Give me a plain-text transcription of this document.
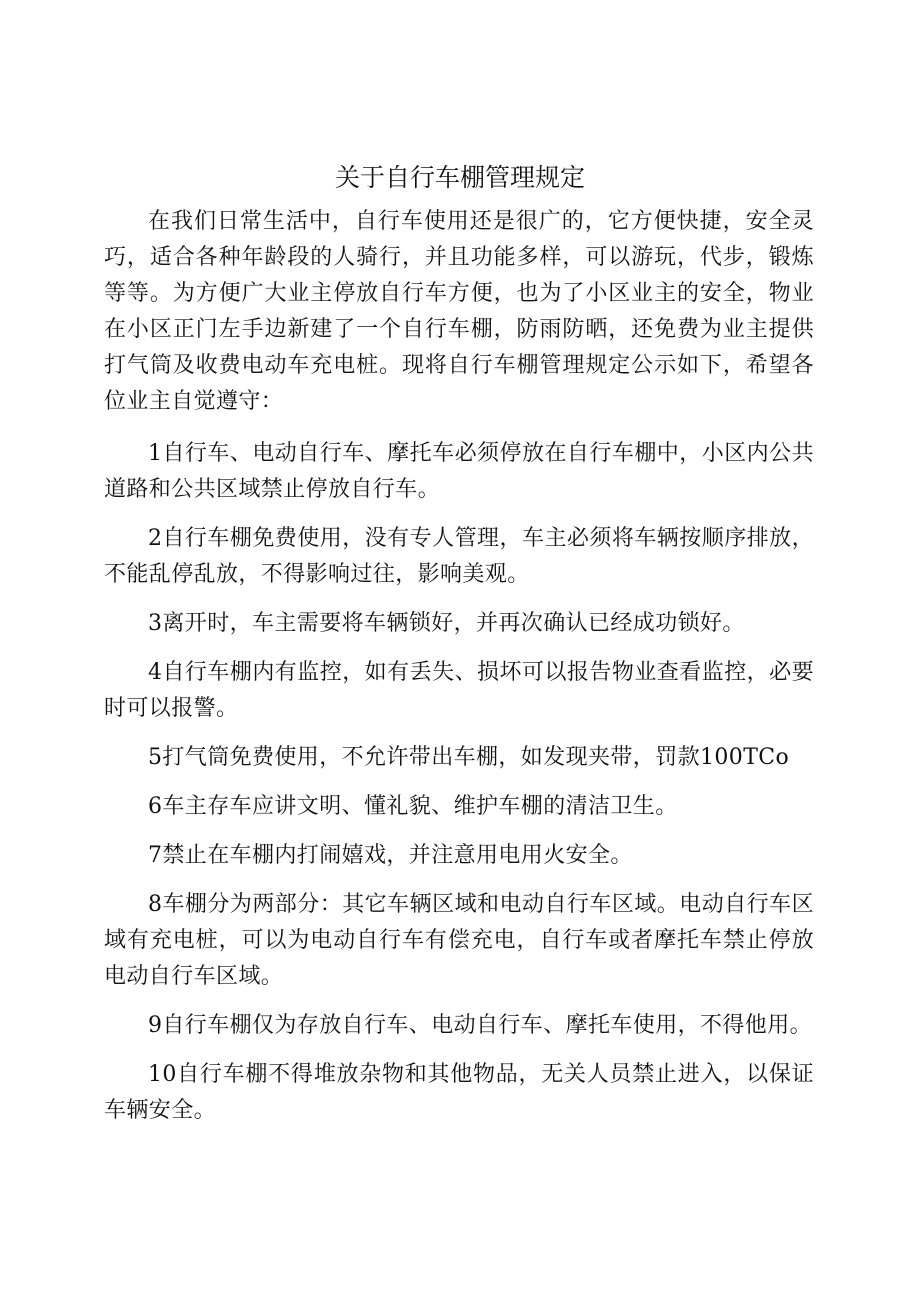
关于自行车棚管理规定

在我们日常生活中，自行车使用还是很广的，它方便快捷，安全灵巧，适合各种年龄段的人骑行，并且功能多样，可以游玩，代步，锻炼等等。为方便广大业主停放自行车方便，也为了小区业主的安全，物业在小区正门左手边新建了一个自行车棚，防雨防晒，还免费为业主提供打气筒及收费电动车充电桩。现将自行车棚管理规定公示如下，希望各位业主自觉遵守：

1自行车、电动自行车、摩托车必须停放在自行车棚中，小区内公共道路和公共区域禁止停放自行车。

2自行车棚免费使用，没有专人管理，车主必须将车辆按顺序排放，不能乱停乱放，不得影响过往，影响美观。

3离开时，车主需要将车辆锁好，并再次确认已经成功锁好。

4自行车棚内有监控，如有丢失、损坏可以报告物业查看监控，必要时可以报警。

5打气筒免费使用，不允许带出车棚，如发现夹带，罚款100TCo

6车主存车应讲文明、懂礼貌、维护车棚的清洁卫生。

7禁止在车棚内打闹嬉戏，并注意用电用火安全。

8车棚分为两部分：其它车辆区域和电动自行车区域。电动自行车区域有充电桩，可以为电动自行车有偿充电，自行车或者摩托车禁止停放电动自行车区域。

9自行车棚仅为存放自行车、电动自行车、摩托车使用，不得他用。

10自行车棚不得堆放杂物和其他物品，无关人员禁止进入，以保证车辆安全。
